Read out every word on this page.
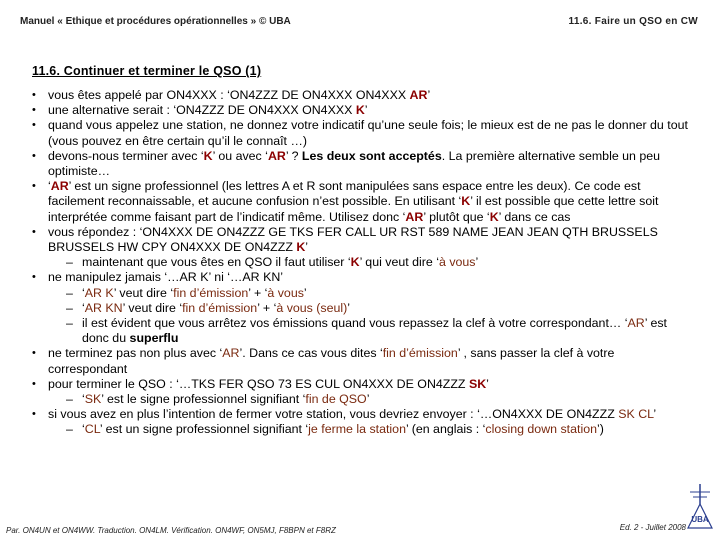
Manuel « Ethique et procédures opérationnelles » © UBA	11.6. Faire un QSO en CW
11.6. Continuer et terminer le QSO (1)
• vous êtes appelé par ON4XXX : ‘ON4ZZZ DE ON4XXX ON4XXX AR’
• une alternative serait : ‘ON4ZZZ DE ON4XXX ON4XXX K’
• quand vous appelez une station, ne donnez votre indicatif qu’une seule fois; le mieux est de ne pas le donner du tout (vous pouvez en être certain qu’il le connaît …)
• devons-nous terminer avec ‘K’ ou avec ‘AR’ ? Les deux sont acceptés. La première alternative semble un peu optimiste…
• ‘AR’ est un signe professionnel (les lettres A et R sont manipulées sans espace entre les deux). Ce code est facilement reconnaissable, et aucune confusion n’est possible. En utilisant ‘K’ il est possible que cette lettre soit interprétée comme faisant part de l’indicatif même. Utilisez donc ‘AR’ plutôt que ‘K’ dans ce cas
• vous répondez : ‘ON4XXX DE ON4ZZZ GE TKS FER CALL UR RST 589 NAME JEAN JEAN QTH BRUSSELS BRUSSELS HW CPY ON4XXX DE ON4ZZZ K’
– maintenant que vous êtes en QSO il faut utiliser ‘K’ qui veut dire ‘à vous’
• ne manipulez jamais ‘…AR K’ ni ‘…AR KN’
– ‘AR K’ veut dire ‘fin d’émission’ + ‘à vous’
– ‘AR KN’ veut dire ‘fin d’émission’ + ‘à vous (seul)’
– il est évident que vous arrêtez vos émissions quand vous repassez la clef à votre correspondant… ‘AR’ est donc du superflu
• ne terminez pas non plus avec ‘AR’. Dans ce cas vous dites ‘fin d’émission’ , sans passer la clef à votre correspondant
• pour terminer le QSO : ‘…TKS FER QSO 73 ES CUL ON4XXX DE ON4ZZZ SK’
– ‘SK’ est le signe professionnel signifiant ‘fin de QSO’
• si vous avez en plus l’intention de fermer votre station, vous devriez envoyer : ‘…ON4XXX DE ON4ZZZ SK CL’
– ‘CL’ est un signe professionnel signifiant ‘je ferme la station’ (en anglais : ‘closing down station’)
Par. ON4UN et ON4WW. Traduction. ON4LM. Vérification. ON4WF, ON5MJ, F8BPN et F8RZ	Ed. 2 - Juillet 2008
UBA
